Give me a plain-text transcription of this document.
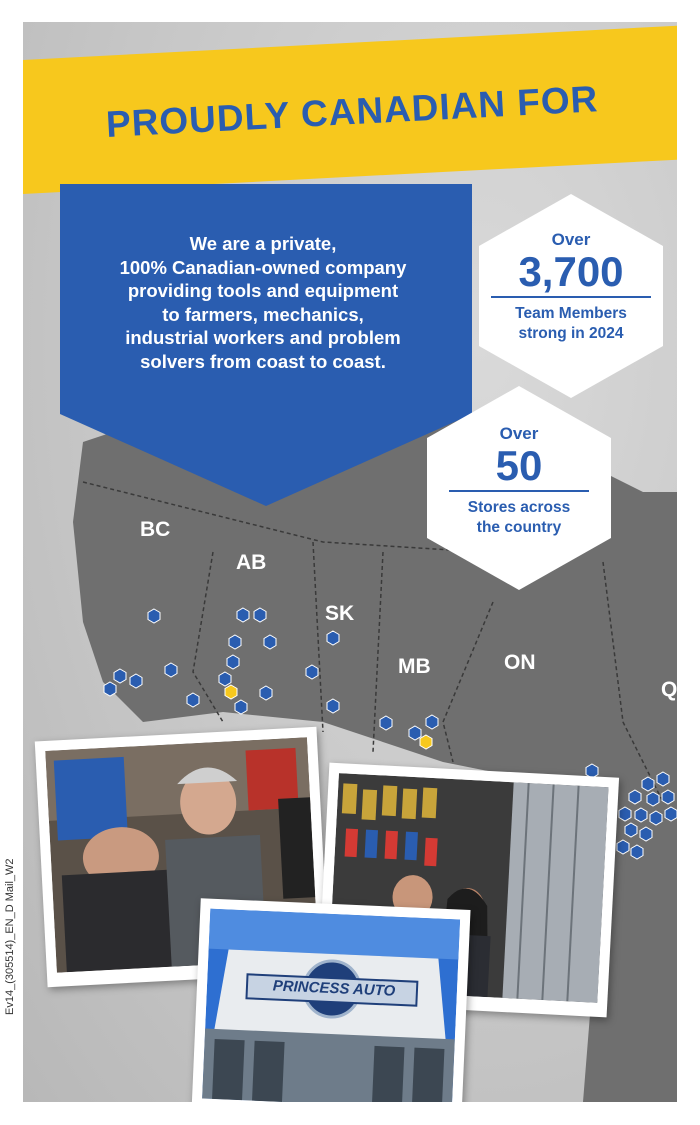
PROUDLY CANADIAN FOR
We are a private,
100% Canadian-owned company
providing tools and equipment
to farmers, mechanics,
industrial workers and problem
solvers from coast to coast.
Over
3,700
Team Members
strong in 2024
Over
50
Stores across
the country
BC
AB
SK
MB	ON
Q
PRINCESS AUTO
Ev14_(305514)_EN_D Mail_W2
